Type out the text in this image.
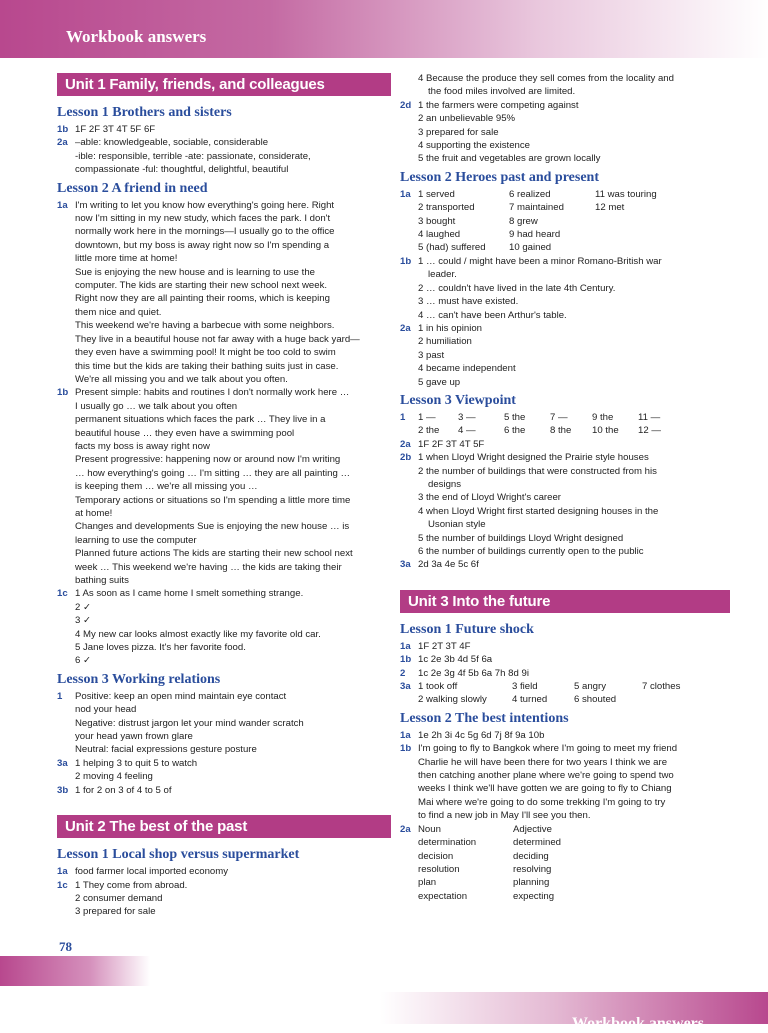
Workbook answers
Unit 1 Family, friends, and colleagues
Lesson 1 Brothers and sisters
1b 1F 2F 3T 4T 5F 6F
2a –able: knowledgeable, sociable, considerable
-ible: responsible, terrible -ate: passionate, considerate,
compassionate -ful: thoughtful, delightful, beautiful
Lesson 2 A friend in need
1a I'm writing to let you know how everything's going here. Right
now I'm sitting in my new study, which faces the park. I don't
normally work here in the mornings—I usually go to the office
downtown, but my boss is away right now so I'm spending a
little more time at home!
Sue is enjoying the new house and is learning to use the
computer. The kids are starting their new school next week.
Right now they are all painting their rooms, which is keeping
them nice and quiet.
This weekend we're having a barbecue with some neighbors.
They live in a beautiful house not far away with a huge back yard—
they even have a swimming pool! It might be too cold to swim
this time but the kids are taking their bathing suits just in case.
We're all missing you and we talk about you often.
1b Present simple: habits and routines I don't normally work here …
I usually go … we talk about you often
permanent situations which faces the park … They live in a
beautiful house … they even have a swimming pool
facts my boss is away right now
Present progressive: happening now or around now I'm writing
… how everything's going … I'm sitting … they are all painting …
is keeping them … we're all missing you …
Temporary actions or situations so I'm spending a little more time
at home!
Changes and developments Sue is enjoying the new house … is
learning to use the computer
Planned future actions The kids are starting their new school next
week … This weekend we're having … the kids are taking their
bathing suits
1c 1 As soon as I came home I smelt something strange.
2 ✓
3 ✓
4 My new car looks almost exactly like my favorite old car.
5 Jane loves pizza. It's her favorite food.
6 ✓
Lesson 3 Working relations
1	Positive: keep an open mind maintain eye contact
nod your head
Negative: distrust jargon let your mind wander scratch
your head yawn frown glare
Neutral: facial expressions gesture posture
3a 1 helping 3 to quit 5 to watch
2 moving 4 feeling
3b 1 for 2 on 3 of 4 to 5 of
Unit 2 The best of the past
Lesson 1 Local shop versus supermarket
1a food farmer local imported economy
1c 1 They come from abroad.
2 consumer demand
3 prepared for sale
4 Because the produce they sell comes from the locality and
the food miles involved are limited.
2d 1 the farmers were competing against
2 an unbelievable 95%
3 prepared for sale
4 supporting the existence
5 the fruit and vegetables are grown locally
Lesson 2 Heroes past and present
1a 1 served	6 realized	11 was touring
2 transported	7 maintained	12 met
3 bought	8 grew
4 laughed	9 had heard
5 (had) suffered	10 gained
1b 1 … could / might have been a minor Romano-British war
leader.
2 … couldn't have lived in the late 4th Century.
3 … must have existed.
4 … can't have been Arthur's table.
2a 1 in his opinion
2 humiliation
3 past
4 became independent
5 gave up
Lesson 3 Viewpoint
1	1 —	3 —	5 the	7 —	9 the	11 —
2 the	4 —	6 the	8 the	10 the	12 —
2a 1F 2F 3T 4T 5F
2b 1 when Lloyd Wright designed the Prairie style houses
2 the number of buildings that were constructed from his
designs
3 the end of Lloyd Wright's career
4 when Lloyd Wright first started designing houses in the
Usonian style
5 the number of buildings Lloyd Wright designed
6 the number of buildings currently open to the public
3a 2d 3a 4e 5c 6f
Unit 3 Into the future
Lesson 1 Future shock
1a 1F 2T 3T 4F
1b 1c 2e 3b 4d 5f 6a
2	1c 2e 3g 4f 5b 6a 7h 8d 9i
3a 1 took off	3 field	5 angry	7 clothes
2 walking slowly	4 turned	6 shouted
Lesson 2 The best intentions
1a 1e 2h 3i 4c 5g 6d 7j 8f 9a 10b
1b I'm going to fly to Bangkok where I'm going to meet my friend
Charlie he will have been there for two years I think we are
then catching another plane where we're going to spend two
weeks I think we'll have gotten we are going to fly to Chiang
Mai where we're going to do some trekking I'm going to try
to find a new job in May I'll see you then.
2a Noun	Adjective
determination	determined
decision	deciding
resolution	resolving
plan	planning
expectation	expecting
78
Workbook answers
